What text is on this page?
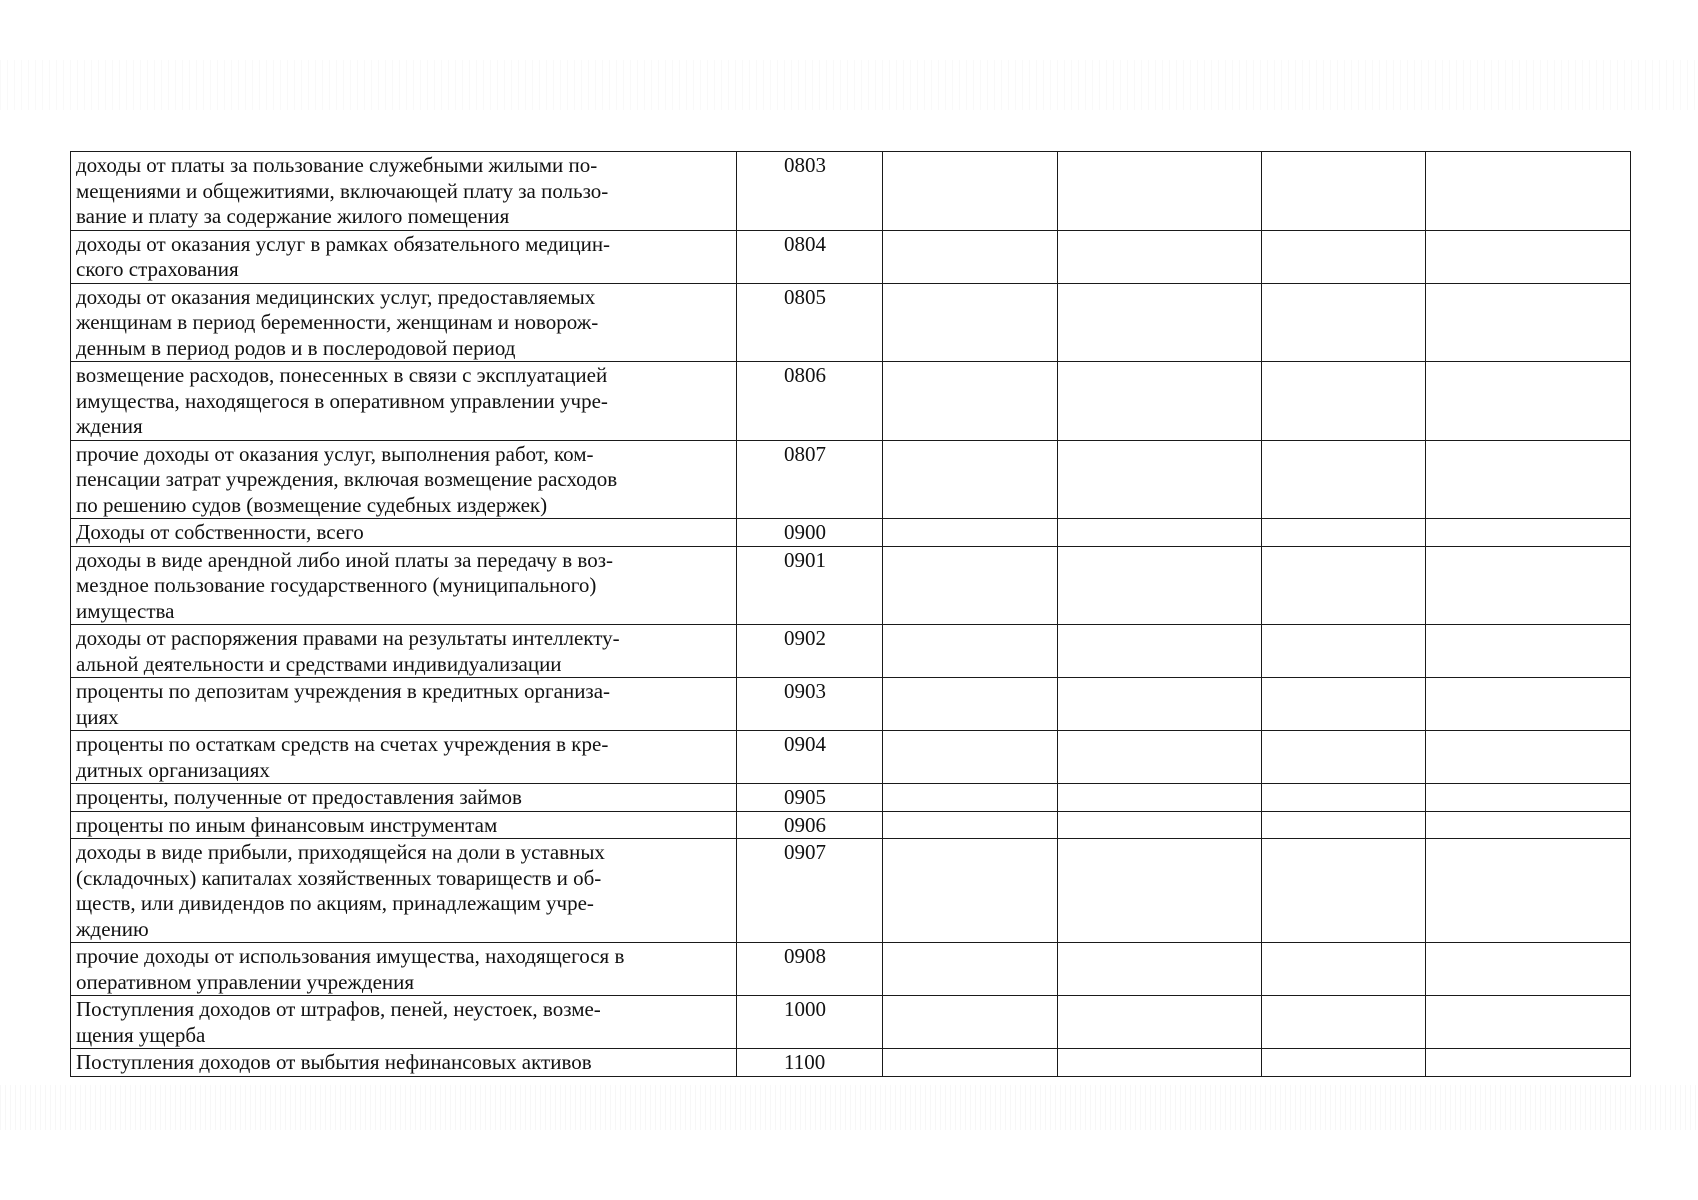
доходы от платы за пользование служебными жилыми по-
мещениями и общежитиями, включающей плату за пользо-
вание и плату за содержание жилого помещения	0803				
доходы от оказания услуг в рамках обязательного медицин-
ского страхования	0804				
доходы от оказания медицинских услуг, предоставляемых
женщинам в период беременности, женщинам и новорож-
денным в период родов и в послеродовой период	0805				
возмещение расходов, понесенных в связи с эксплуатацией
имущества, находящегося в оперативном управлении учре-
ждения	0806				
прочие доходы от оказания услуг, выполнения работ, ком-
пенсации затрат учреждения, включая возмещение расходов
по решению судов (возмещение судебных издержек)	0807				
Доходы от собственности, всего	0900				
доходы в виде арендной либо иной платы за передачу в воз-
мездное пользование государственного (муниципального)
имущества	0901				
доходы от распоряжения правами на результаты интеллекту-
альной деятельности и средствами индивидуализации	0902				
проценты по депозитам учреждения в кредитных организа-
циях	0903				
проценты по остаткам средств на счетах учреждения в кре-
дитных организациях	0904				
проценты, полученные от предоставления займов	0905				
проценты по иным финансовым инструментам	0906				
доходы в виде прибыли, приходящейся на доли в уставных
(складочных) капиталах хозяйственных товариществ и об-
ществ, или дивидендов по акциям, принадлежащим учре-
ждению	0907				
прочие доходы от использования имущества, находящегося в
оперативном управлении учреждения	0908				
Поступления доходов от штрафов, пеней, неустоек, возме-
щения ущерба	1000				
Поступления доходов от выбытия нефинансовых активов	1100				
